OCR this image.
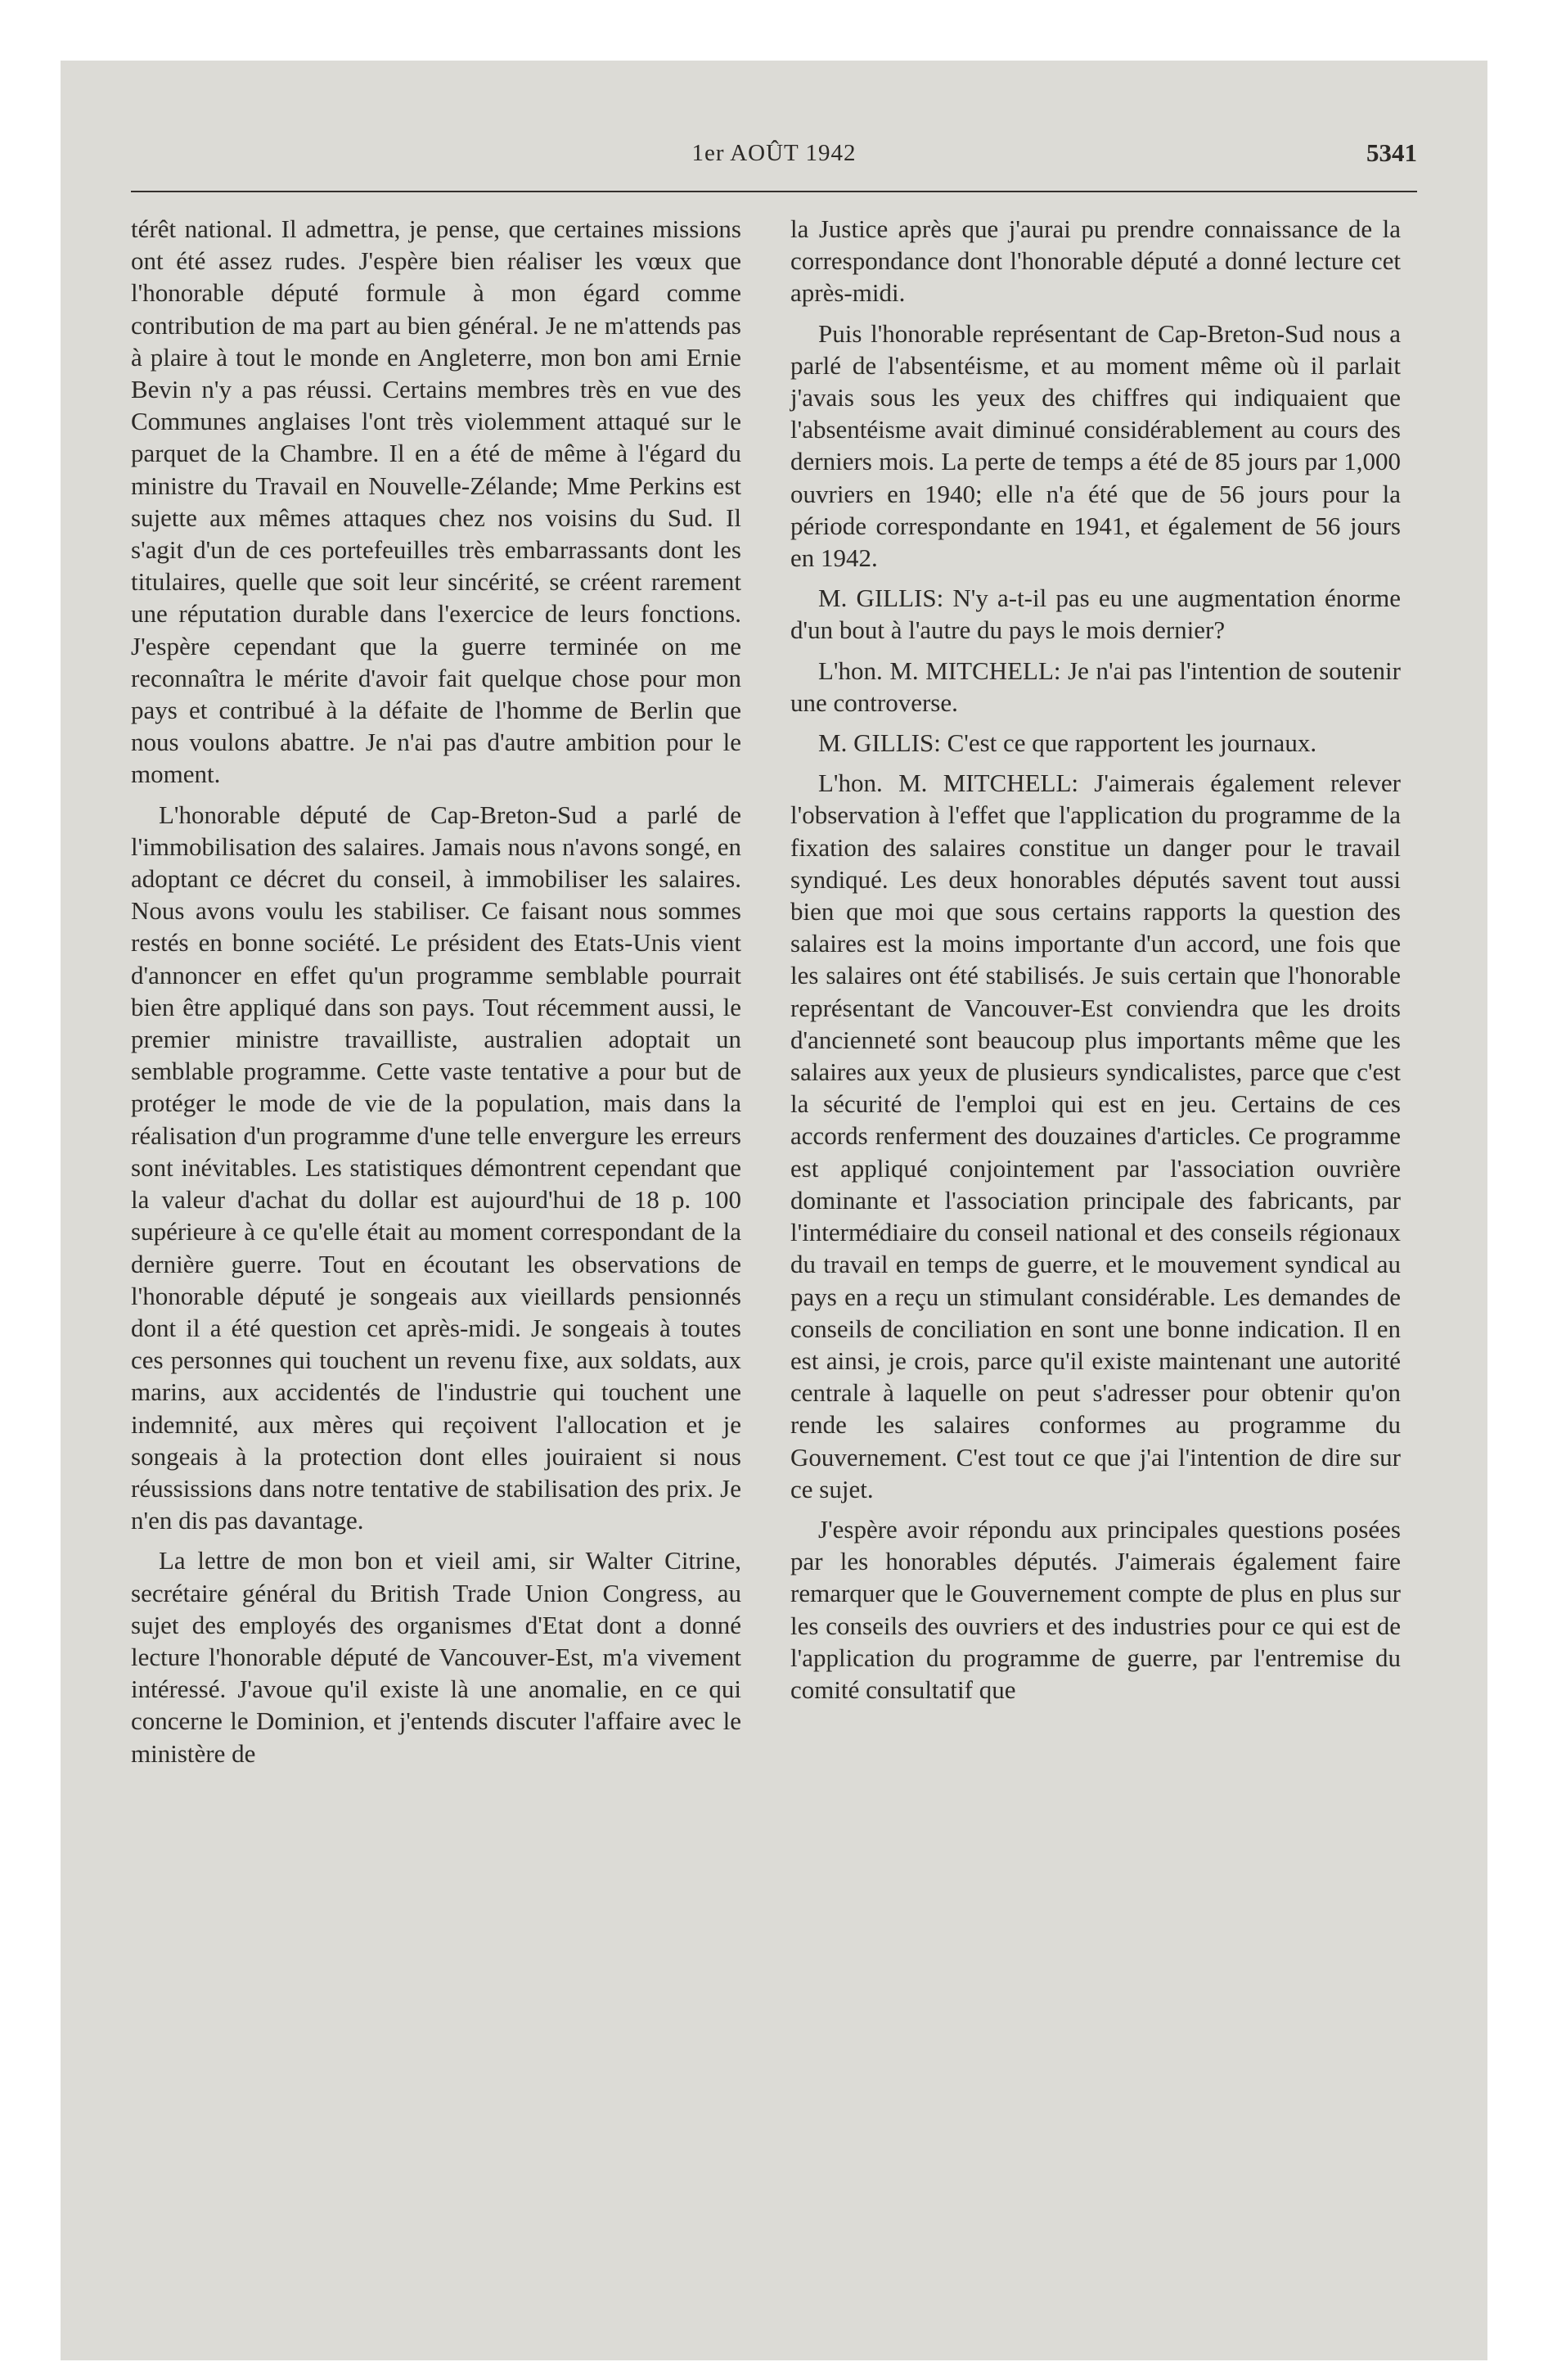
1er AOÛT 1942	5341

térêt national. Il admettra, je pense, que certaines missions ont été assez rudes. J'espère bien réaliser les vœux que l'honorable député formule à mon égard comme contribution de ma part au bien général. Je ne m'attends pas à plaire à tout le monde en Angleterre, mon bon ami Ernie Bevin n'y a pas réussi. Certains membres très en vue des Communes anglaises l'ont très violemment attaqué sur le parquet de la Chambre. Il en a été de même à l'égard du ministre du Travail en Nouvelle-Zélande; Mme Perkins est sujette aux mêmes attaques chez nos voisins du Sud. Il s'agit d'un de ces portefeuilles très embarrassants dont les titulaires, quelle que soit leur sincérité, se créent rarement une réputation durable dans l'exercice de leurs fonctions. J'espère cependant que la guerre terminée on me reconnaîtra le mérite d'avoir fait quelque chose pour mon pays et contribué à la défaite de l'homme de Berlin que nous voulons abattre. Je n'ai pas d'autre ambition pour le moment.

L'honorable député de Cap-Breton-Sud a parlé de l'immobilisation des salaires. Jamais nous n'avons songé, en adoptant ce décret du conseil, à immobiliser les salaires. Nous avons voulu les stabiliser. Ce faisant nous sommes restés en bonne société. Le président des Etats-Unis vient d'annoncer en effet qu'un programme semblable pourrait bien être appliqué dans son pays. Tout récemment aussi, le premier ministre travailliste, australien adoptait un semblable programme. Cette vaste tentative a pour but de protéger le mode de vie de la population, mais dans la réalisation d'un programme d'une telle envergure les erreurs sont inévitables. Les statistiques démontrent cependant que la valeur d'achat du dollar est aujourd'hui de 18 p. 100 supérieure à ce qu'elle était au moment correspondant de la dernière guerre. Tout en écoutant les observations de l'honorable député je songeais aux vieillards pensionnés dont il a été question cet après-midi. Je songeais à toutes ces personnes qui touchent un revenu fixe, aux soldats, aux marins, aux accidentés de l'industrie qui touchent une indemnité, aux mères qui reçoivent l'allocation et je songeais à la protection dont elles jouiraient si nous réussissions dans notre tentative de stabilisation des prix. Je n'en dis pas davantage.

La lettre de mon bon et vieil ami, sir Walter Citrine, secrétaire général du British Trade Union Congress, au sujet des employés des organismes d'Etat dont a donné lecture l'honorable député de Vancouver-Est, m'a vivement intéressé. J'avoue qu'il existe là une anomalie, en ce qui concerne le Dominion, et j'entends discuter l'affaire avec le ministère de

la Justice après que j'aurai pu prendre connaissance de la correspondance dont l'honorable député a donné lecture cet après-midi.

Puis l'honorable représentant de Cap-Breton-Sud nous a parlé de l'absentéisme, et au moment même où il parlait j'avais sous les yeux des chiffres qui indiquaient que l'absentéisme avait diminué considérablement au cours des derniers mois. La perte de temps a été de 85 jours par 1,000 ouvriers en 1940; elle n'a été que de 56 jours pour la période correspondante en 1941, et également de 56 jours en 1942.

M. GILLIS: N'y a-t-il pas eu une augmentation énorme d'un bout à l'autre du pays le mois dernier?

L'hon. M. MITCHELL: Je n'ai pas l'intention de soutenir une controverse.

M. GILLIS: C'est ce que rapportent les journaux.

L'hon. M. MITCHELL: J'aimerais également relever l'observation à l'effet que l'application du programme de la fixation des salaires constitue un danger pour le travail syndiqué. Les deux honorables députés savent tout aussi bien que moi que sous certains rapports la question des salaires est la moins importante d'un accord, une fois que les salaires ont été stabilisés. Je suis certain que l'honorable représentant de Vancouver-Est conviendra que les droits d'ancienneté sont beaucoup plus importants même que les salaires aux yeux de plusieurs syndicalistes, parce que c'est la sécurité de l'emploi qui est en jeu. Certains de ces accords renferment des douzaines d'articles. Ce programme est appliqué conjointement par l'association ouvrière dominante et l'association principale des fabricants, par l'intermédiaire du conseil national et des conseils régionaux du travail en temps de guerre, et le mouvement syndical au pays en a reçu un stimulant considérable. Les demandes de conseils de conciliation en sont une bonne indication. Il en est ainsi, je crois, parce qu'il existe maintenant une autorité centrale à laquelle on peut s'adresser pour obtenir qu'on rende les salaires conformes au programme du Gouvernement. C'est tout ce que j'ai l'intention de dire sur ce sujet.

J'espère avoir répondu aux principales questions posées par les honorables députés. J'aimerais également faire remarquer que le Gouvernement compte de plus en plus sur les conseils des ouvriers et des industries pour ce qui est de l'application du programme de guerre, par l'entremise du comité consultatif que
